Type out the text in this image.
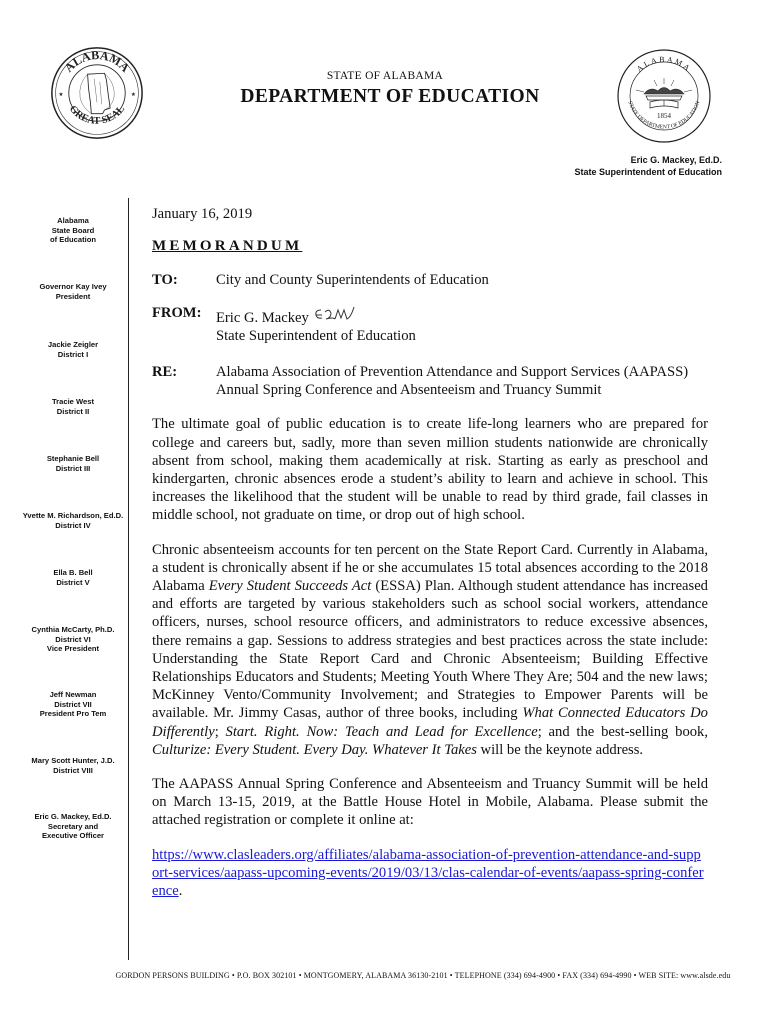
ALABAMA
GREAT SEAL
★	★
ALABAMA
STATE DEPARTMENT OF EDUCATION
1854
STATE OF ALABAMA
DEPARTMENT OF EDUCATION
Eric G. Mackey, Ed.D.
State Superintendent of Education
Alabama
State Board
of Education
Governor Kay Ivey
President
Jackie Zeigler
District I
Tracie West
District II
Stephanie Bell
District III
Yvette M. Richardson, Ed.D.
District IV
Ella B. Bell
District V
Cynthia McCarty, Ph.D.
District VI
Vice President
Jeff Newman
District VII
President Pro Tem
Mary Scott Hunter, J.D.
District VIII
Eric G. Mackey, Ed.D.
Secretary and
Executive Officer

January 16, 2019

MEMORANDUM

TO:	City and County Superintendents of Education
FROM: Eric G. Mackey
State Superintendent of Education
RE:	Alabama Association of Prevention Attendance and Support Services (AAPASS)
Annual Spring Conference and Absenteeism and Truancy Summit

The ultimate goal of public education is to create life-long learners who are prepared for college and careers but, sadly, more than seven million students nationwide are chronically absent from school, making them academically at risk. Starting as early as preschool and kindergarten, chronic absences erode a student’s ability to learn and achieve in school. This increases the likelihood that the student will be unable to read by third grade, fail classes in middle school, not graduate on time, or drop out of high school.

Chronic absenteeism accounts for ten percent on the State Report Card. Currently in Alabama, a student is chronically absent if he or she accumulates 15 total absences according to the 2018 Alabama Every Student Succeeds Act (ESSA) Plan. Although student attendance has increased and efforts are targeted by various stakeholders such as school social workers, attendance officers, nurses, school resource officers, and administrators to reduce excessive absences, there remains a gap. Sessions to address strategies and best practices across the state include: Understanding the State Report Card and Chronic Absenteeism; Building Effective Relationships Educators and Students; Meeting Youth Where They Are; 504 and the new laws; McKinney Vento/Community Involvement; and Strategies to Empower Parents will be available. Mr. Jimmy Casas, author of three books, including What Connected Educators Do Differently; Start. Right. Now: Teach and Lead for Excellence; and the best-selling book, Culturize: Every Student. Every Day. Whatever It Takes will be the keynote address.

The AAPASS Annual Spring Conference and Absenteeism and Truancy Summit will be held on March 13-15, 2019, at the Battle House Hotel in Mobile, Alabama. Please submit the attached registration or complete it online at:

https://www.clasleaders.org/affiliates/alabama-association-of-prevention-attendance-and-support-services/aapass-upcoming-events/2019/03/13/clas-calendar-of-events/aapass-spring-conference.

GORDON PERSONS BUILDING • P.O. BOX 302101 • MONTGOMERY, ALABAMA 36130-2101 • TELEPHONE (334) 694-4900 • FAX (334) 694-4990 • WEB SITE: www.alsde.edu
